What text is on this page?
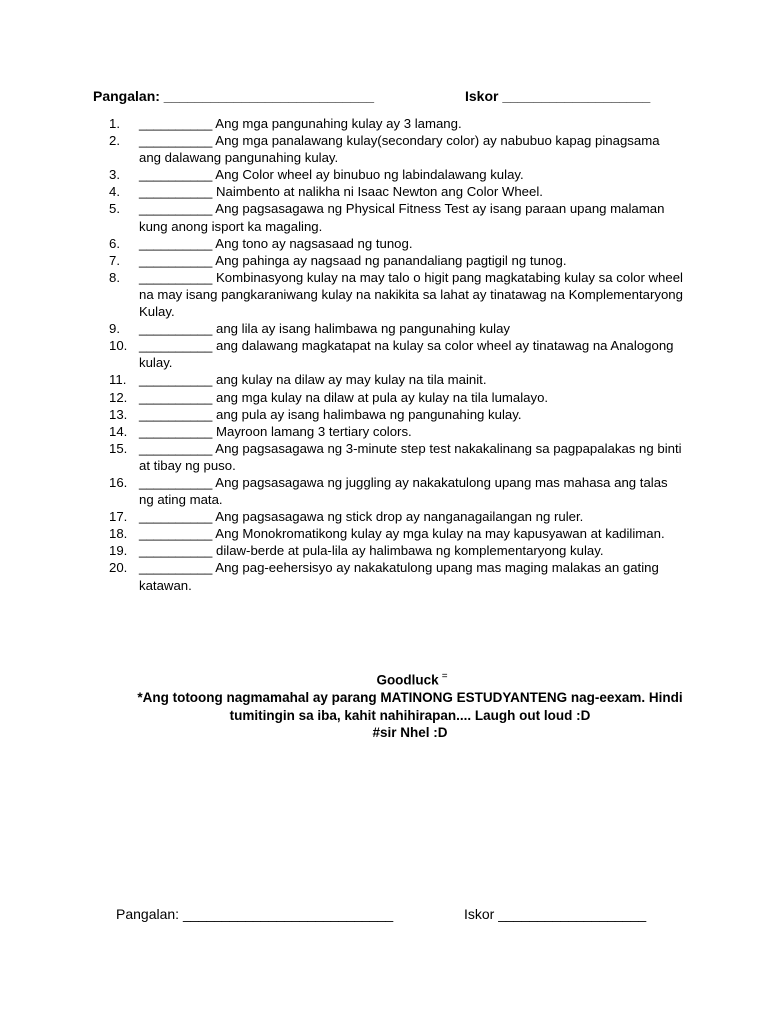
Pangalan: ___________________________	Iskor ___________________
1.	__________ Ang mga pangunahing kulay ay 3 lamang.
2.	__________ Ang mga panalawang kulay(secondary color) ay nabubuo kapag pinagsama ang dalawang pangunahing kulay.
3.	__________ Ang Color wheel ay binubuo ng labindalawang kulay.
4.	__________ Naimbento at nalikha ni Isaac Newton ang Color Wheel.
5.	__________ Ang pagsasagawa ng Physical Fitness Test ay isang paraan upang malaman kung anong isport ka magaling.
6.	__________ Ang tono ay nagsasaad ng tunog.
7.	__________ Ang pahinga ay nagsaad ng panandaliang pagtigil ng tunog.
8.	__________ Kombinasyong kulay na may talo o higit pang magkatabing kulay sa color wheel na may isang pangkaraniwang kulay na nakikita sa lahat ay tinatawag na Komplementaryong Kulay.
9.	__________ ang lila ay isang halimbawa ng pangunahing kulay
10. __________ ang dalawang magkatapat na kulay sa color wheel ay tinatawag na Analogong kulay.
11. __________ ang kulay na dilaw ay may kulay na tila mainit.
12. __________ ang mga kulay na dilaw at pula ay kulay na tila lumalayo.
13. __________ ang pula ay isang halimbawa ng pangunahing kulay.
14. __________ Mayroon lamang 3 tertiary colors.
15. __________ Ang pagsasagawa ng 3-minute step test nakakalinang sa pagpapalakas ng binti at tibay ng puso.
16. __________ Ang pagsasagawa ng juggling ay nakakatulong upang mas mahasa ang talas ng ating mata.
17. __________ Ang pagsasagawa ng stick drop ay nanganagailangan ng ruler.
18. __________ Ang Monokromatikong kulay ay mga kulay na may kapusyawan at kadiliman.
19. __________ dilaw-berde at pula-lila ay halimbawa ng komplementaryong kulay.
20. __________ Ang pag-eehersisyo ay nakakatulong upang mas maging malakas an gating katawan.
Goodluck =
*Ang totoong nagmamahal ay parang MATINONG ESTUDYANTENG nag-eexam. Hindi tumitingin sa iba, kahit nahihirapan.... Laugh out loud :D
#sir Nhel :D
Pangalan: ___________________________	Iskor ___________________
